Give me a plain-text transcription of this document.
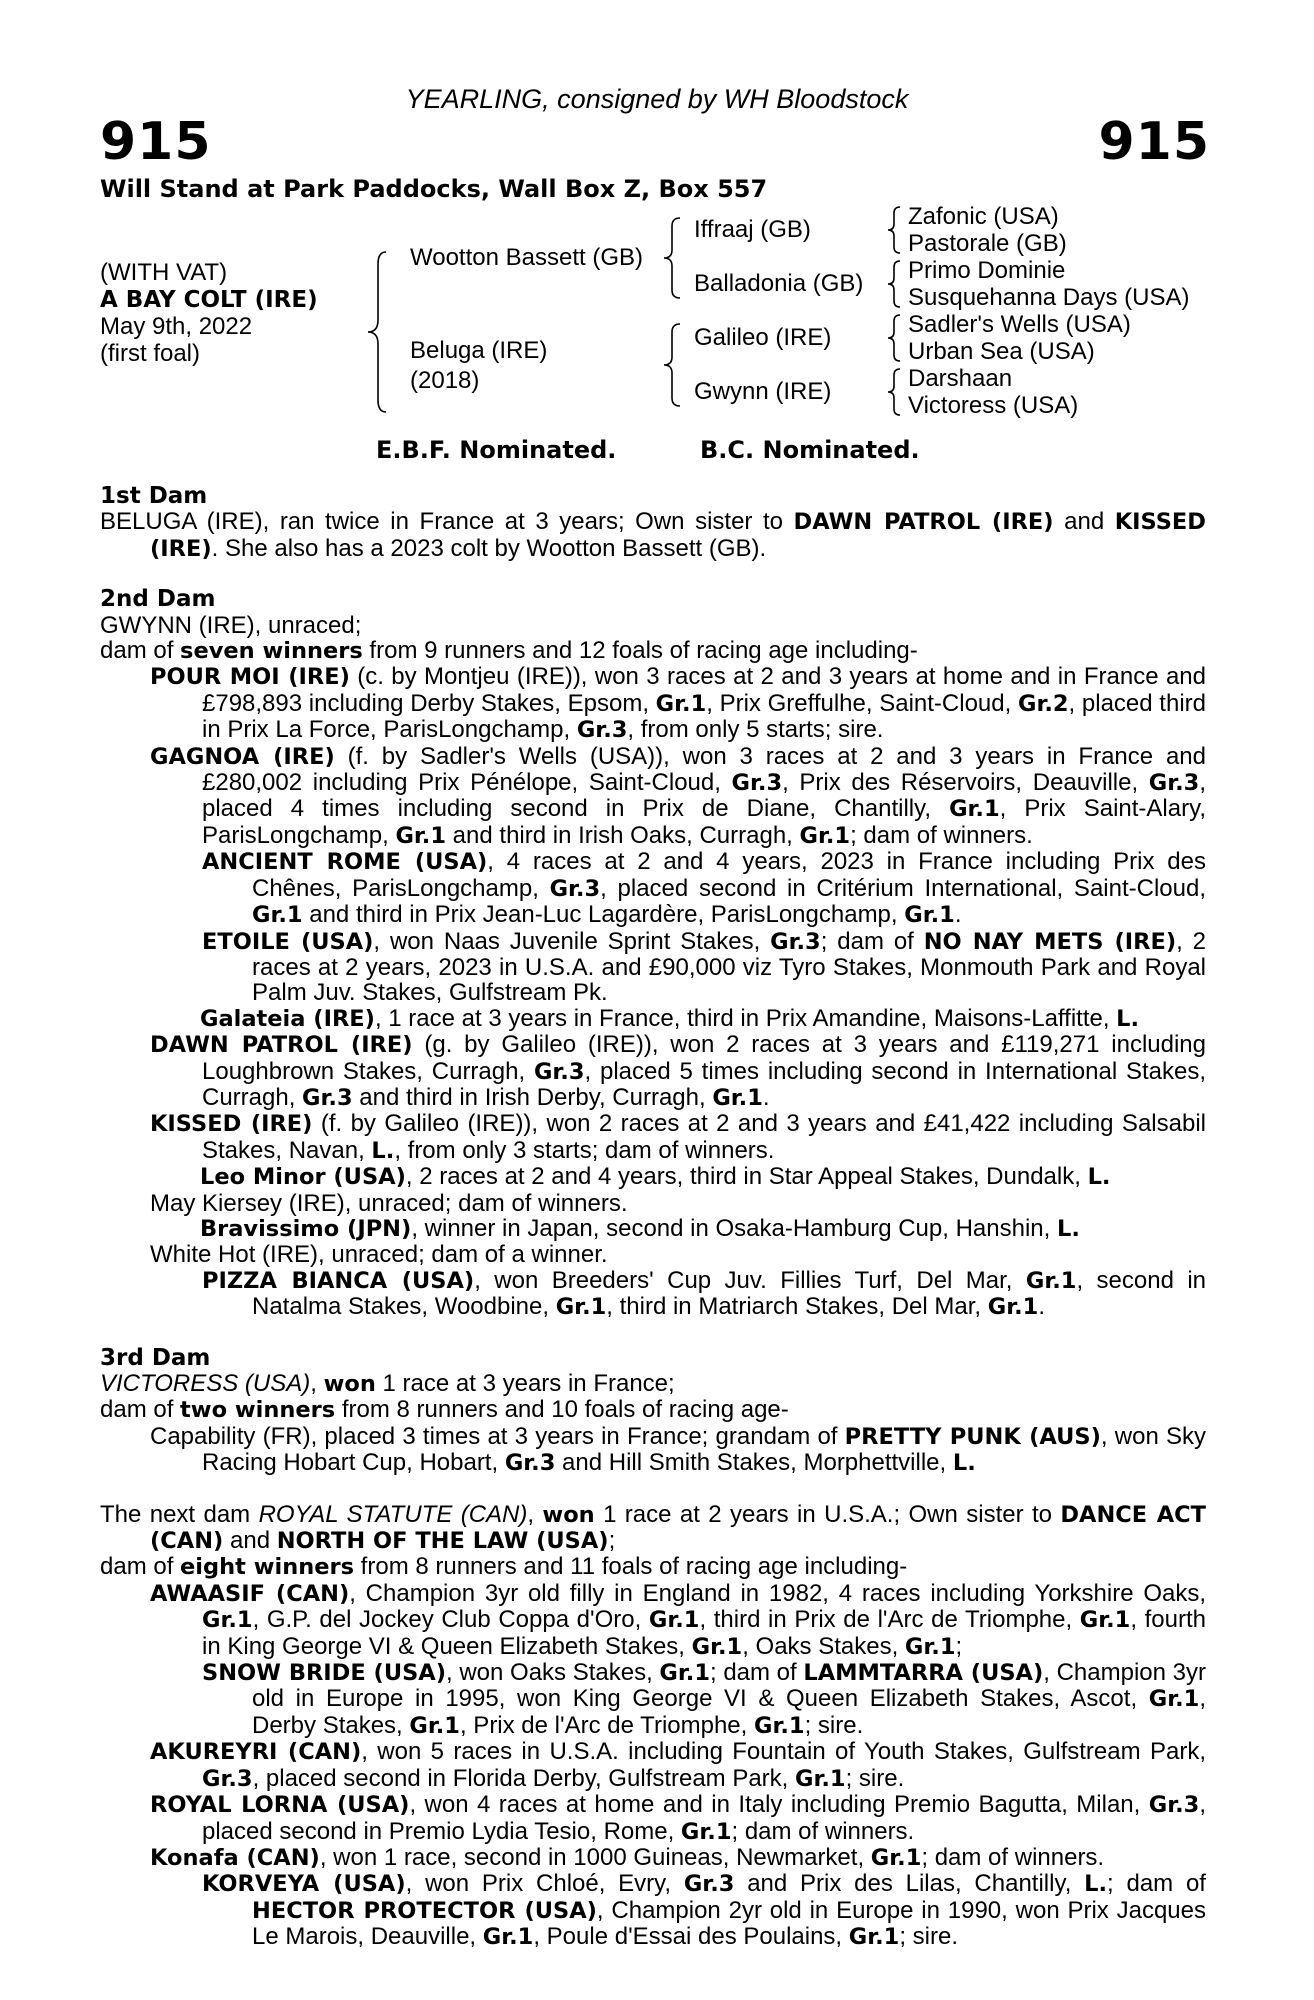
YEARLING, consigned by WH Bloodstock
915	915
Will Stand at Park Paddocks, Wall Box Z, Box 557
(WITH VAT)
A BAY COLT (IRE)
May 9th, 2022
(first foal)
Wootton Bassett (GB)
Beluga (IRE)
(2018)
Iffraaj (GB)
Balladonia (GB)
Galileo (IRE)
Gwynn (IRE)
Zafonic (USA)
Pastorale (GB)
Primo Dominie
Susquehanna Days (USA)
Sadler's Wells (USA)
Urban Sea (USA)
Darshaan
Victoress (USA)
E.B.F. Nominated.	B.C. Nominated.
1st Dam
BELUGA (IRE), ran twice in France at 3 years; Own sister to DAWN PATROL (IRE) and KISSED (IRE). She also has a 2023 colt by Wootton Bassett (GB).
2nd Dam
GWYNN (IRE), unraced;
dam of seven winners from 9 runners and 12 foals of racing age including-
POUR MOI (IRE) (c. by Montjeu (IRE)), won 3 races at 2 and 3 years at home and in France and £798,893 including Derby Stakes, Epsom, Gr.1, Prix Greffulhe, Saint-Cloud, Gr.2, placed third in Prix La Force, ParisLongchamp, Gr.3, from only 5 starts; sire.
GAGNOA (IRE) (f. by Sadler's Wells (USA)), won 3 races at 2 and 3 years in France and £280,002 including Prix Pénélope, Saint-Cloud, Gr.3, Prix des Réservoirs, Deauville, Gr.3, placed 4 times including second in Prix de Diane, Chantilly, Gr.1, Prix Saint-Alary, ParisLongchamp, Gr.1 and third in Irish Oaks, Curragh, Gr.1; dam of winners.
ANCIENT ROME (USA), 4 races at 2 and 4 years, 2023 in France including Prix des Chênes, ParisLongchamp, Gr.3, placed second in Critérium International, Saint-Cloud, Gr.1 and third in Prix Jean-Luc Lagardère, ParisLongchamp, Gr.1.
ETOILE (USA), won Naas Juvenile Sprint Stakes, Gr.3; dam of NO NAY METS (IRE), 2 races at 2 years, 2023 in U.S.A. and £90,000 viz Tyro Stakes, Monmouth Park and Royal Palm Juv. Stakes, Gulfstream Pk.
Galateia (IRE), 1 race at 3 years in France, third in Prix Amandine, Maisons-Laffitte, L.
DAWN PATROL (IRE) (g. by Galileo (IRE)), won 2 races at 3 years and £119,271 including Loughbrown Stakes, Curragh, Gr.3, placed 5 times including second in International Stakes, Curragh, Gr.3 and third in Irish Derby, Curragh, Gr.1.
KISSED (IRE) (f. by Galileo (IRE)), won 2 races at 2 and 3 years and £41,422 including Salsabil Stakes, Navan, L., from only 3 starts; dam of winners.
Leo Minor (USA), 2 races at 2 and 4 years, third in Star Appeal Stakes, Dundalk, L.
May Kiersey (IRE), unraced; dam of winners.
Bravissimo (JPN), winner in Japan, second in Osaka-Hamburg Cup, Hanshin, L.
White Hot (IRE), unraced; dam of a winner.
PIZZA BIANCA (USA), won Breeders' Cup Juv. Fillies Turf, Del Mar, Gr.1, second in Natalma Stakes, Woodbine, Gr.1, third in Matriarch Stakes, Del Mar, Gr.1.
3rd Dam
VICTORESS (USA), won 1 race at 3 years in France;
dam of two winners from 8 runners and 10 foals of racing age-
Capability (FR), placed 3 times at 3 years in France; grandam of PRETTY PUNK (AUS), won Sky Racing Hobart Cup, Hobart, Gr.3 and Hill Smith Stakes, Morphettville, L.
The next dam ROYAL STATUTE (CAN), won 1 race at 2 years in U.S.A.; Own sister to DANCE ACT (CAN) and NORTH OF THE LAW (USA);
dam of eight winners from 8 runners and 11 foals of racing age including-
AWAASIF (CAN), Champion 3yr old filly in England in 1982, 4 races including Yorkshire Oaks, Gr.1, G.P. del Jockey Club Coppa d'Oro, Gr.1, third in Prix de l'Arc de Triomphe, Gr.1, fourth in King George VI & Queen Elizabeth Stakes, Gr.1, Oaks Stakes, Gr.1;
SNOW BRIDE (USA), won Oaks Stakes, Gr.1; dam of LAMMTARRA (USA), Champion 3yr old in Europe in 1995, won King George VI & Queen Elizabeth Stakes, Ascot, Gr.1, Derby Stakes, Gr.1, Prix de l'Arc de Triomphe, Gr.1; sire.
AKUREYRI (CAN), won 5 races in U.S.A. including Fountain of Youth Stakes, Gulfstream Park, Gr.3, placed second in Florida Derby, Gulfstream Park, Gr.1; sire.
ROYAL LORNA (USA), won 4 races at home and in Italy including Premio Bagutta, Milan, Gr.3, placed second in Premio Lydia Tesio, Rome, Gr.1; dam of winners.
Konafa (CAN), won 1 race, second in 1000 Guineas, Newmarket, Gr.1; dam of winners.
KORVEYA (USA), won Prix Chloé, Evry, Gr.3 and Prix des Lilas, Chantilly, L.; dam of HECTOR PROTECTOR (USA), Champion 2yr old in Europe in 1990, won Prix Jacques Le Marois, Deauville, Gr.1, Poule d'Essai des Poulains, Gr.1; sire.
